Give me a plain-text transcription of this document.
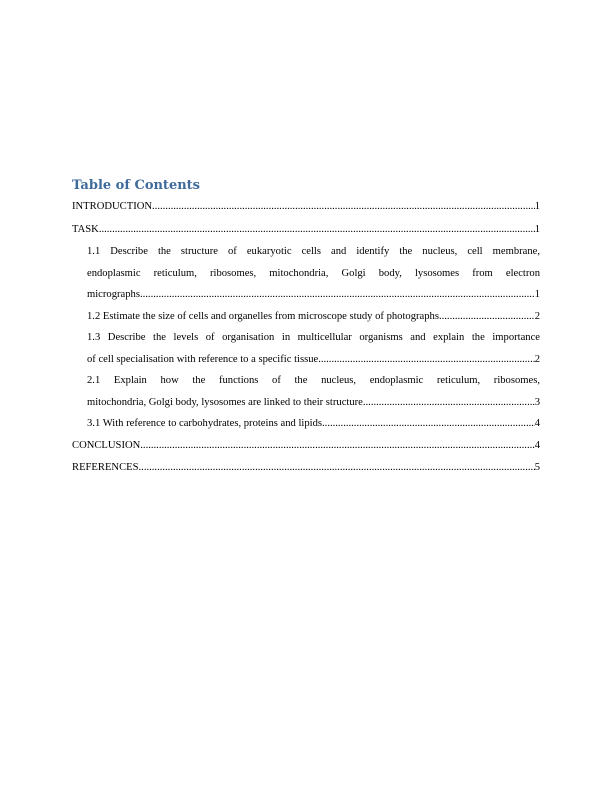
Table of Contents
INTRODUCTION .....	1
TASK .....	1
1.1 Describe the structure of eukaryotic cells and identify the nucleus, cell membrane,
endoplasmic reticulum, ribosomes, mitochondria, Golgi body, lysosomes from electron
micrographs .....	1
1.2 Estimate the size of cells and organelles from microscope study of photographs .....	2
1.3 Describe the levels of organisation in multicellular organisms and explain the importance
of cell specialisation with reference to a specific tissue .....	2
2.1 Explain how the functions of the nucleus, endoplasmic reticulum, ribosomes,
mitochondria, Golgi body, lysosomes are linked to their structure .....	3
3.1 With reference to carbohydrates, proteins and lipids .....	4
CONCLUSION .....	4
REFERENCES .....	5
